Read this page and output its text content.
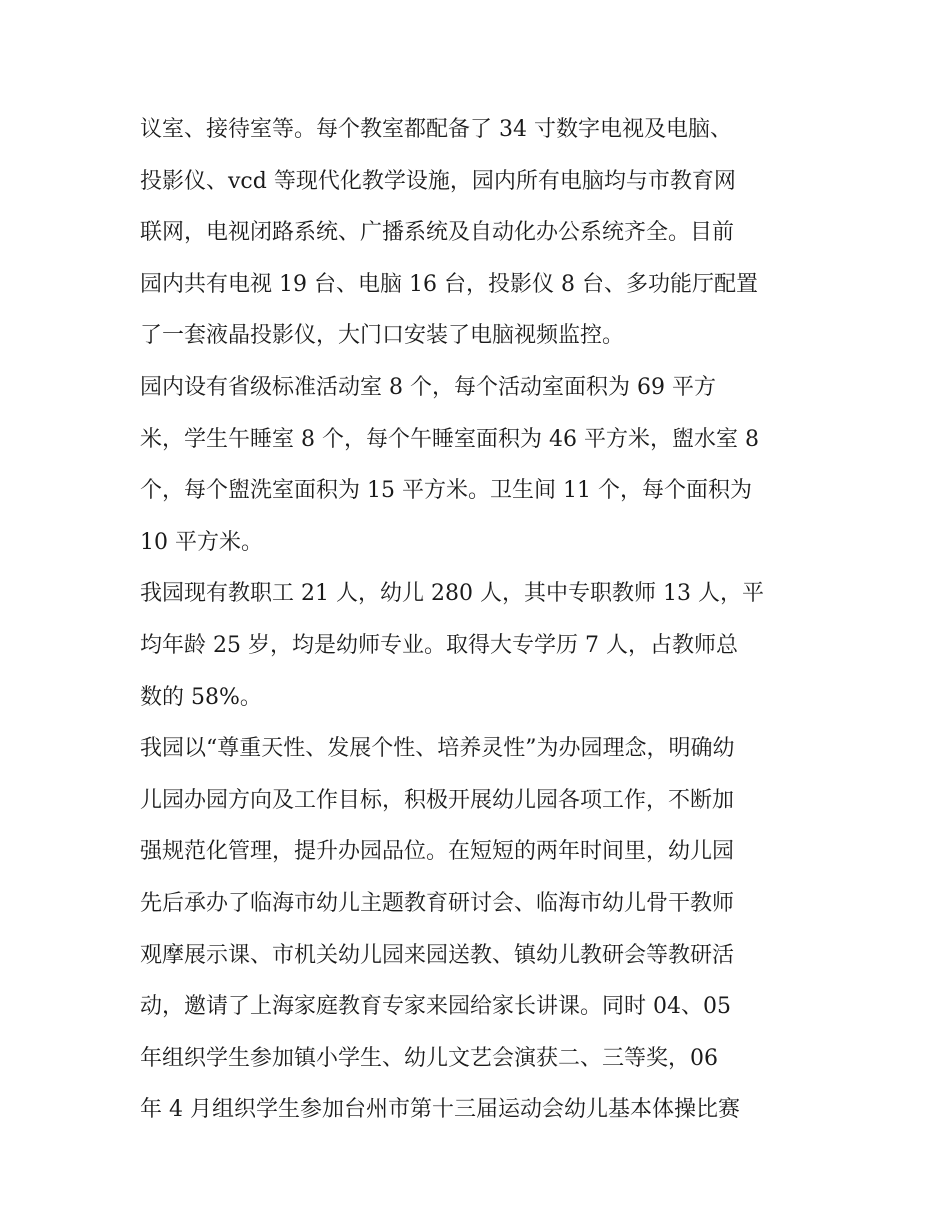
议室、接待室等。每个教室都配备了 34 寸数字电视及电脑、
投影仪、vcd 等现代化教学设施，园内所有电脑均与市教育网
联网，电视闭路系统、广播系统及自动化办公系统齐全。目前
园内共有电视 19 台、电脑 16 台，投影仪 8 台、多功能厅配置
了一套液晶投影仪，大门口安装了电脑视频监控。
园内设有省级标准活动室 8 个，每个活动室面积为 69 平方
米，学生午睡室 8 个，每个午睡室面积为 46 平方米，盥水室 8
个，每个盥洗室面积为 15 平方米。卫生间 11 个，每个面积为
10 平方米。
我园现有教职工 21 人，幼儿 280 人，其中专职教师 13 人，平
均年龄 25 岁，均是幼师专业。取得大专学历 7 人，占教师总
数的 58%。
我园以“尊重天性、发展个性、培养灵性”为办园理念，明确幼
儿园办园方向及工作目标，积极开展幼儿园各项工作，不断加
强规范化管理，提升办园品位。在短短的两年时间里，幼儿园
先后承办了临海市幼儿主题教育研讨会、临海市幼儿骨干教师
观摩展示课、市机关幼儿园来园送教、镇幼儿教研会等教研活
动，邀请了上海家庭教育专家来园给家长讲课。同时 04、05
年组织学生参加镇小学生、幼儿文艺会演获二、三等奖，06
年 4 月组织学生参加台州市第十三届运动会幼儿基本体操比赛
